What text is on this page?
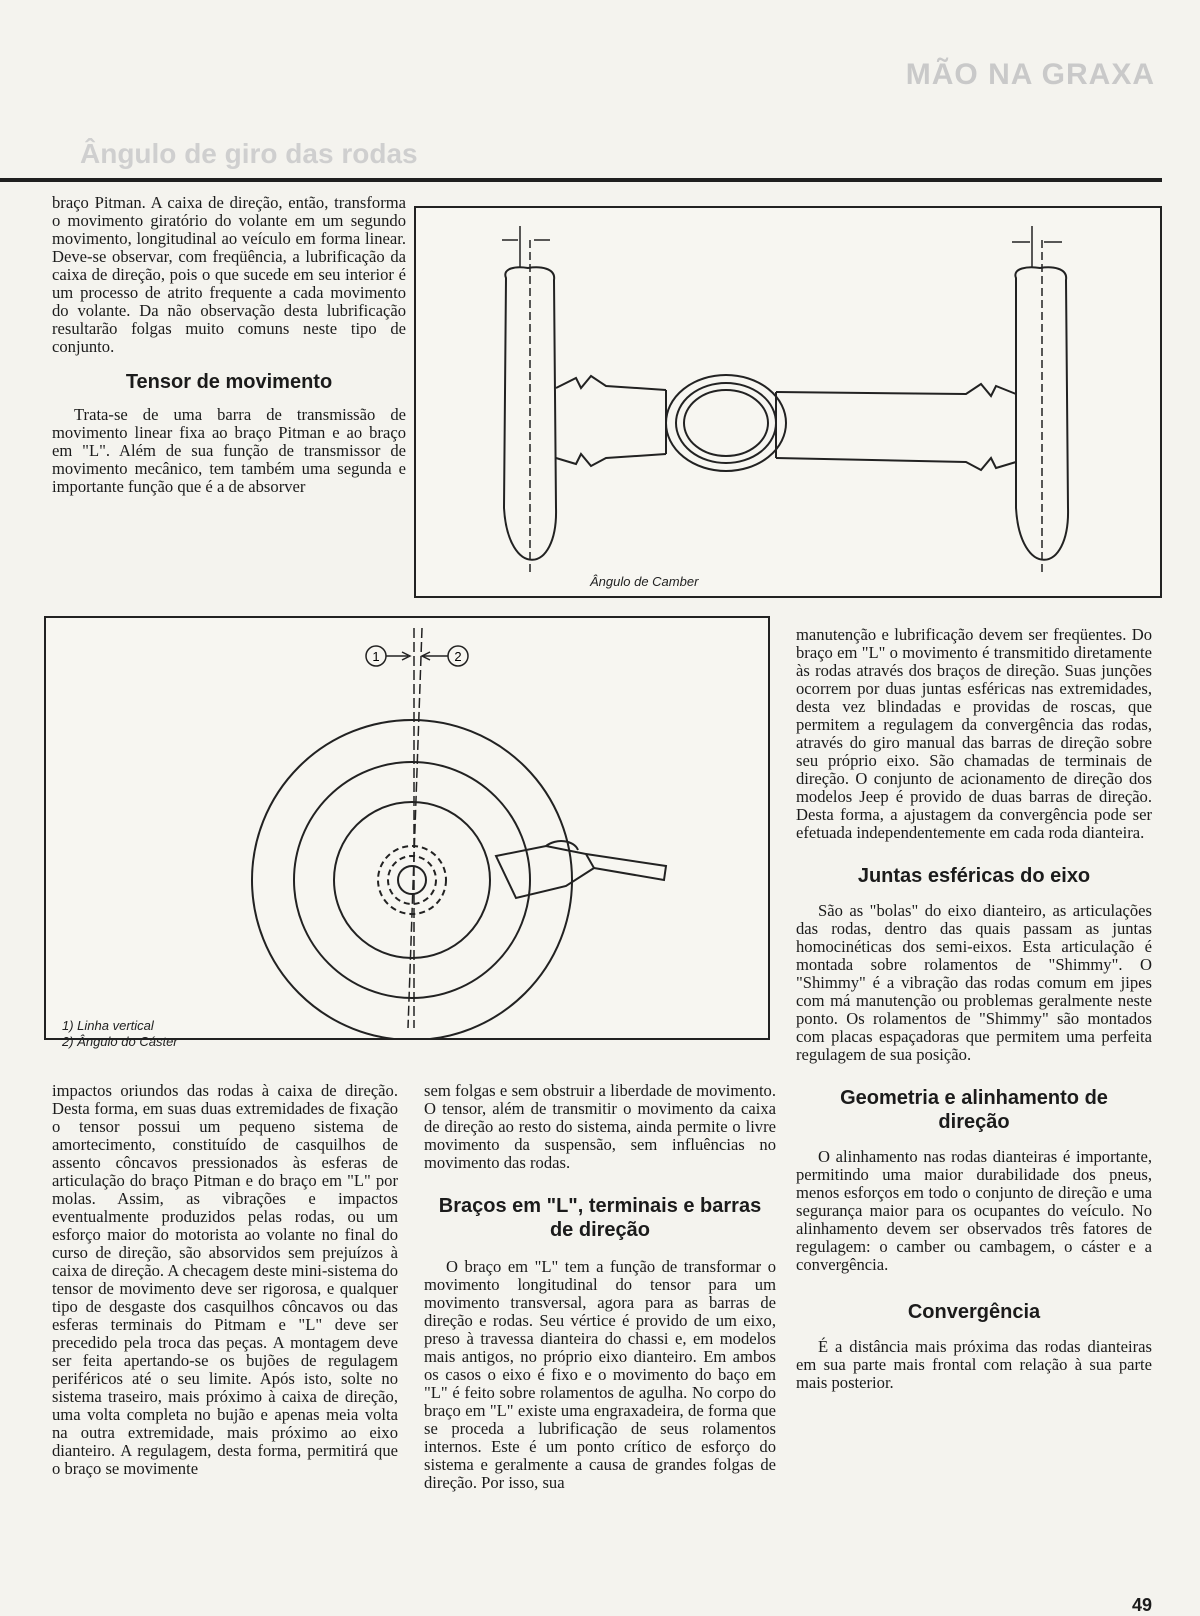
MÃO NA GRAXA
Ângulo de giro das rodas

braço Pitman. A caixa de direção, então, transforma o movimento giratório do volante em um segundo movimento, longitudinal ao veículo em forma linear. Deve-se observar, com freqüência, a lubrificação da caixa de direção, pois o que sucede em seu interior é um processo de atrito frequente a cada movimento do volante. Da não observação desta lubrificação resultarão folgas muito comuns neste tipo de conjunto.

Tensor de movimento

Trata-se de uma barra de transmissão de movimento linear fixa ao braço Pitman e ao braço em "L". Além de sua função de transmissor de movimento mecânico, tem também uma segunda e importante função que é a de absorver

Ângulo de Camber
1	2
1) Linha vertical
2) Ângulo do Cáster

impactos oriundos das rodas à caixa de direção. Desta forma, em suas duas extremidades de fixação o tensor possui um pequeno sistema de amortecimento, constituído de casquilhos de assento côncavos pressionados às esferas de articulação do braço Pitman e do braço em "L" por molas. Assim, as vibrações e impactos eventualmente produzidos pelas rodas, ou um esforço maior do motorista ao volante no final do curso de direção, são absorvidos sem prejuízos à caixa de direção. A checagem deste mini-sistema do tensor de movimento deve ser rigorosa, e qualquer tipo de desgaste dos casquilhos côncavos ou das esferas terminais do Pitmam e "L" deve ser precedido pela troca das peças. A montagem deve ser feita apertando-se os bujões de regulagem periféricos até o seu limite. Após isto, solte no sistema traseiro, mais próximo à caixa de direção, uma volta completa no bujão e apenas meia volta na outra extremidade, mais próximo ao eixo dianteiro. A regulagem, desta forma, permitirá que o braço se movimente

sem folgas e sem obstruir a liberdade de movimento. O tensor, além de transmitir o movimento da caixa de direção ao resto do sistema, ainda permite o livre movimento da suspensão, sem influências no movimento das rodas.

Braços em "L", terminais e barras de direção

O braço em "L" tem a função de transformar o movimento longitudinal do tensor para um movimento transversal, agora para as barras de direção e rodas. Seu vértice é provido de um eixo, preso à travessa dianteira do chassi e, em modelos mais antigos, no próprio eixo dianteiro. Em ambos os casos o eixo é fixo e o movimento do baço em "L" é feito sobre rolamentos de agulha. No corpo do braço em "L" existe uma engraxadeira, de forma que se proceda a lubrificação de seus rolamentos internos. Este é um ponto crítico de esforço do sistema e geralmente a causa de grandes folgas de direção. Por isso, sua

manutenção e lubrificação devem ser freqüentes. Do braço em "L" o movimento é transmitido diretamente às rodas através dos braços de direção. Suas junções ocorrem por duas juntas esféricas nas extremidades, desta vez blindadas e providas de roscas, que permitem a regulagem da convergência das rodas, através do giro manual das barras de direção sobre seu próprio eixo. São chamadas de terminais de direção. O conjunto de acionamento de direção dos modelos Jeep é provido de duas barras de direção. Desta forma, a ajustagem da convergência pode ser efetuada independentemente em cada roda dianteira.

Juntas esféricas do eixo

São as "bolas" do eixo dianteiro, as articulações das rodas, dentro das quais passam as juntas homocinéticas dos semi-eixos. Esta articulação é montada sobre rolamentos de "Shimmy". O "Shimmy" é a vibração das rodas comum em jipes com má manutenção ou problemas geralmente neste ponto. Os rolamentos de "Shimmy" são montados com placas espaçadoras que permitem uma perfeita regulagem de sua posição.

Geometria e alinhamento de direção

O alinhamento nas rodas dianteiras é importante, permitindo uma maior durabilidade dos pneus, menos esforços em todo o conjunto de direção e uma segurança maior para os ocupantes do veículo. No alinhamento devem ser observados três fatores de regulagem: o camber ou cambagem, o cáster e a convergência.

Convergência

É a distância mais próxima das rodas dianteiras em sua parte mais frontal com relação à sua parte mais posterior.

49
